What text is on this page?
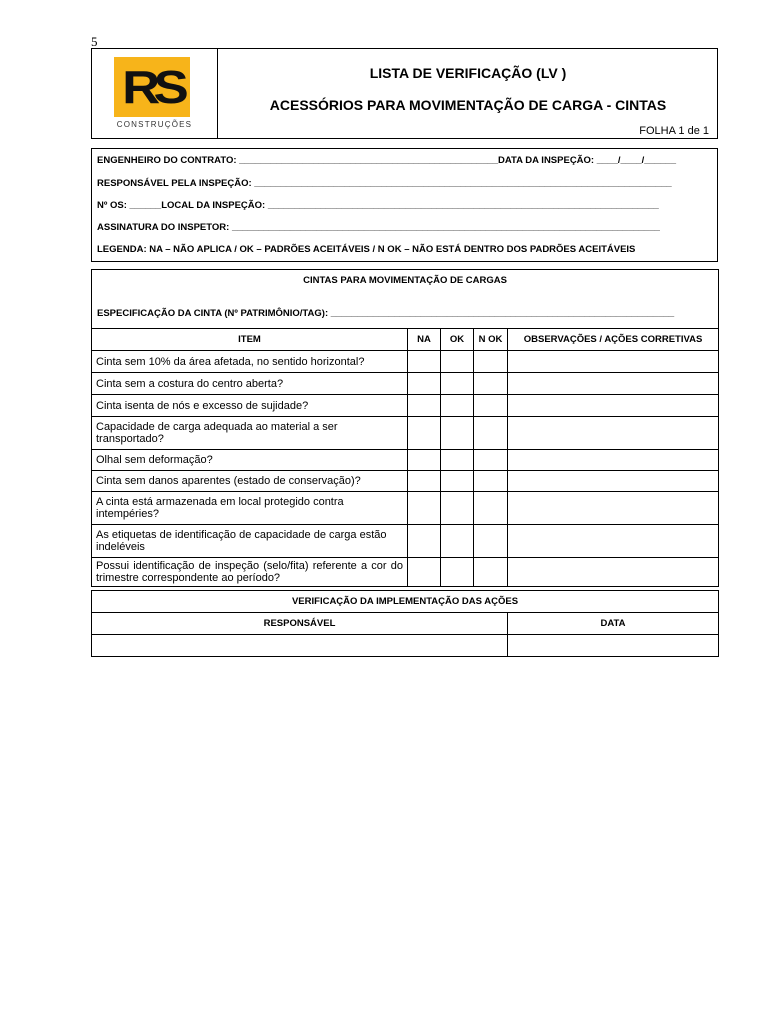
5
RS
CONSTRUÇÕES
LISTA DE VERIFICAÇÃO (LV )
ACESSÓRIOS PARA MOVIMENTAÇÃO DE CARGA - CINTAS
FOLHA 1 de 1
ENGENHEIRO DO CONTRATO: _________________________________________________DATA DA INSPEÇÃO: ____/____/______
RESPONSÁVEL PELA INSPEÇÃO: _______________________________________________________________________________
Nº OS: ______LOCAL DA INSPEÇÃO: __________________________________________________________________________
ASSINATURA DO INSPETOR: _________________________________________________________________________________
LEGENDA: NA – NÃO APLICA / OK – PADRÕES ACEITÁVEIS / N OK – NÃO ESTÁ DENTRO DOS PADRÕES ACEITÁVEIS
CINTAS PARA MOVIMENTAÇÃO DE CARGAS				
ESPECIFICAÇÃO DA CINTA (Nº PATRIMÔNIO/TAG): _________________________________________________________________				
ITEM	NA	OK	N OK	OBSERVAÇÕES / AÇÕES CORRETIVAS
Cinta sem 10% da área afetada, no sentido horizontal?				
Cinta sem a costura do centro aberta?				
Cinta isenta de nós e excesso de sujidade?				
Capacidade de carga adequada ao material a ser transportado?				
Olhal sem deformação?				
Cinta sem danos aparentes (estado de conservação)?				
A cinta está armazenada em local protegido contra intempéries?				
As etiquetas de identificação de capacidade de carga estão indeléveis				
Possui identificação de inspeção (selo/fita) referente a cor do trimestre correspondente ao período?				
VERIFICAÇÃO DA IMPLEMENTAÇÃO DAS AÇÕES	
RESPONSÁVEL	DATA
